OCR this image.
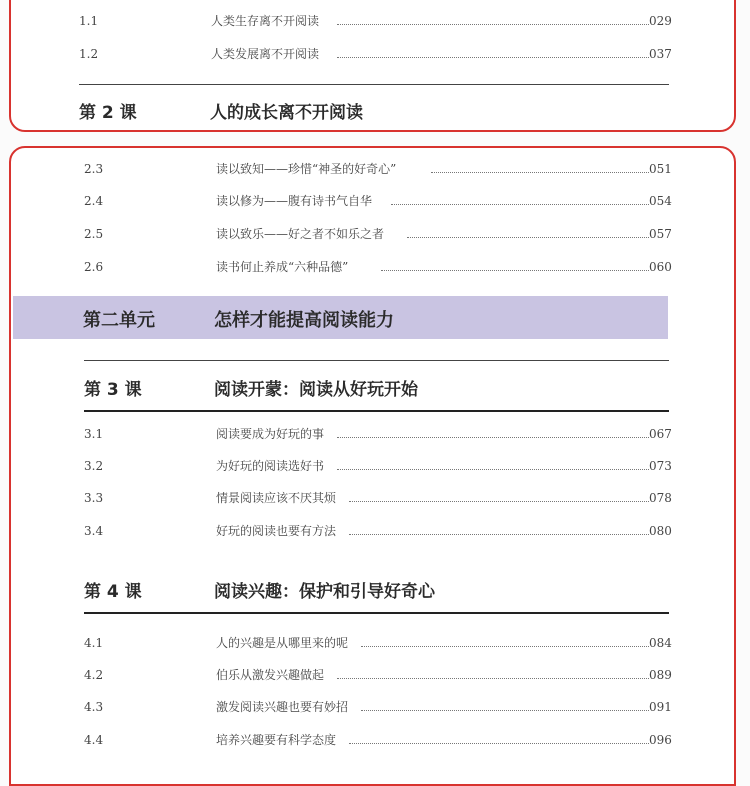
1.1	人类生存离不开阅读	029
1.2	人类发展离不开阅读	037
第 2 课	人的成长离不开阅读
2.3	读以致知——珍惜“神圣的好奇心”	051
2.4	读以修为——腹有诗书气自华	054
2.5	读以致乐——好之者不如乐之者	057
2.6	读书何止养成“六种品德”	060
第二单元	怎样才能提高阅读能力
第 3 课	阅读开蒙：阅读从好玩开始
3.1	阅读要成为好玩的事	067
3.2	为好玩的阅读选好书	073
3.3	情景阅读应该不厌其烦	078
3.4	好玩的阅读也要有方法	080
第 4 课	阅读兴趣：保护和引导好奇心
4.1	人的兴趣是从哪里来的呢	084
4.2	伯乐从激发兴趣做起	089
4.3	激发阅读兴趣也要有妙招	091
4.4	培养兴趣要有科学态度	096
